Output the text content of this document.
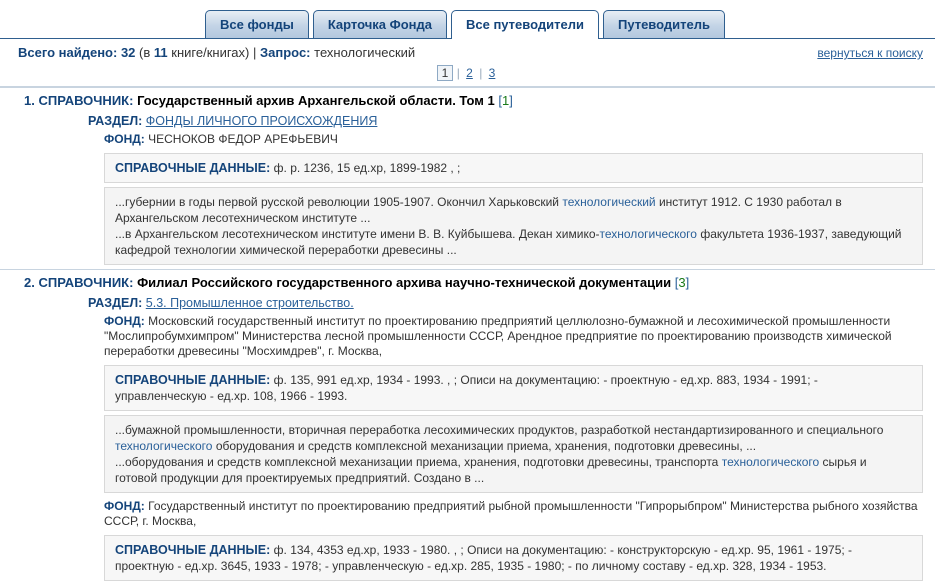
Все фонды	Карточка Фонда	Все путеводители	Путеводитель
Всего найдено: 32 (в 11 книге/книгах) | Запрос: технологический	вернуться к поиску
1 | 2 | 3
1. СПРАВОЧНИК: Государственный архив Архангельской области. Том 1 [1]
РАЗДЕЛ: ФОНДЫ ЛИЧНОГО ПРОИСХОЖДЕНИЯ
ФОНД: ЧЕСНОКОВ ФЕДОР АРЕФЬЕВИЧ
СПРАВОЧНЫЕ ДАННЫЕ: ф. р. 1236, 15 ед.хр, 1899-1982 , ;
...губернии в годы первой русской революции 1905-1907. Окончил Харьковский технологический институт 1912. С 1930 работал в Архангельском лесотехническом институте ...
...в Архангельском лесотехническом институте имени В. В. Куйбышева. Декан химико-технологического факультета 1936-1937, заведующий кафедрой технологии химической переработки древесины ...
2. СПРАВОЧНИК: Филиал Российского государственного архива научно-технической документации [3]
РАЗДЕЛ: 5.3. Промышленное строительство.
ФОНД: Московский государственный институт по проектированию предприятий целлюлозно-бумажной и лесохимической промышленности "Мослипробумхимпром" Министерства лесной промышленности СССР, Арендное предприятие по проектированию производств химической переработки древесины "Мосхимдрев", г. Москва,
СПРАВОЧНЫЕ ДАННЫЕ: ф. 135, 991 ед.хр, 1934 - 1993. , ; Описи на документацию: - проектную - ед.хр. 883, 1934 - 1991; - управленческую - ед.хр. 108, 1966 - 1993.
...бумажной промышленности, вторичная переработка лесохимических продуктов, разработкой нестандартизированного и специального технологического оборудования и средств комплексной механизации приема, хранения, подготовки древесины, ...
...оборудования и средств комплексной механизации приема, хранения, подготовки древесины, транспорта технологического сырья и готовой продукции для проектируемых предприятий. Создано в ...
ФОНД: Государственный институт по проектированию предприятий рыбной промышленности "Гипрорыбпром" Министерства рыбного хозяйства СССР, г. Москва,
СПРАВОЧНЫЕ ДАННЫЕ: ф. 134, 4353 ед.хр, 1933 - 1980. , ; Описи на документацию: - конструкторскую - ед.хр. 95, 1961 - 1975; - проектную - ед.хр. 3645, 1933 - 1978; - управленческую - ед.хр. 285, 1935 - 1980; - по личному составу - ед.хр. 328, 1934 - 1953.
